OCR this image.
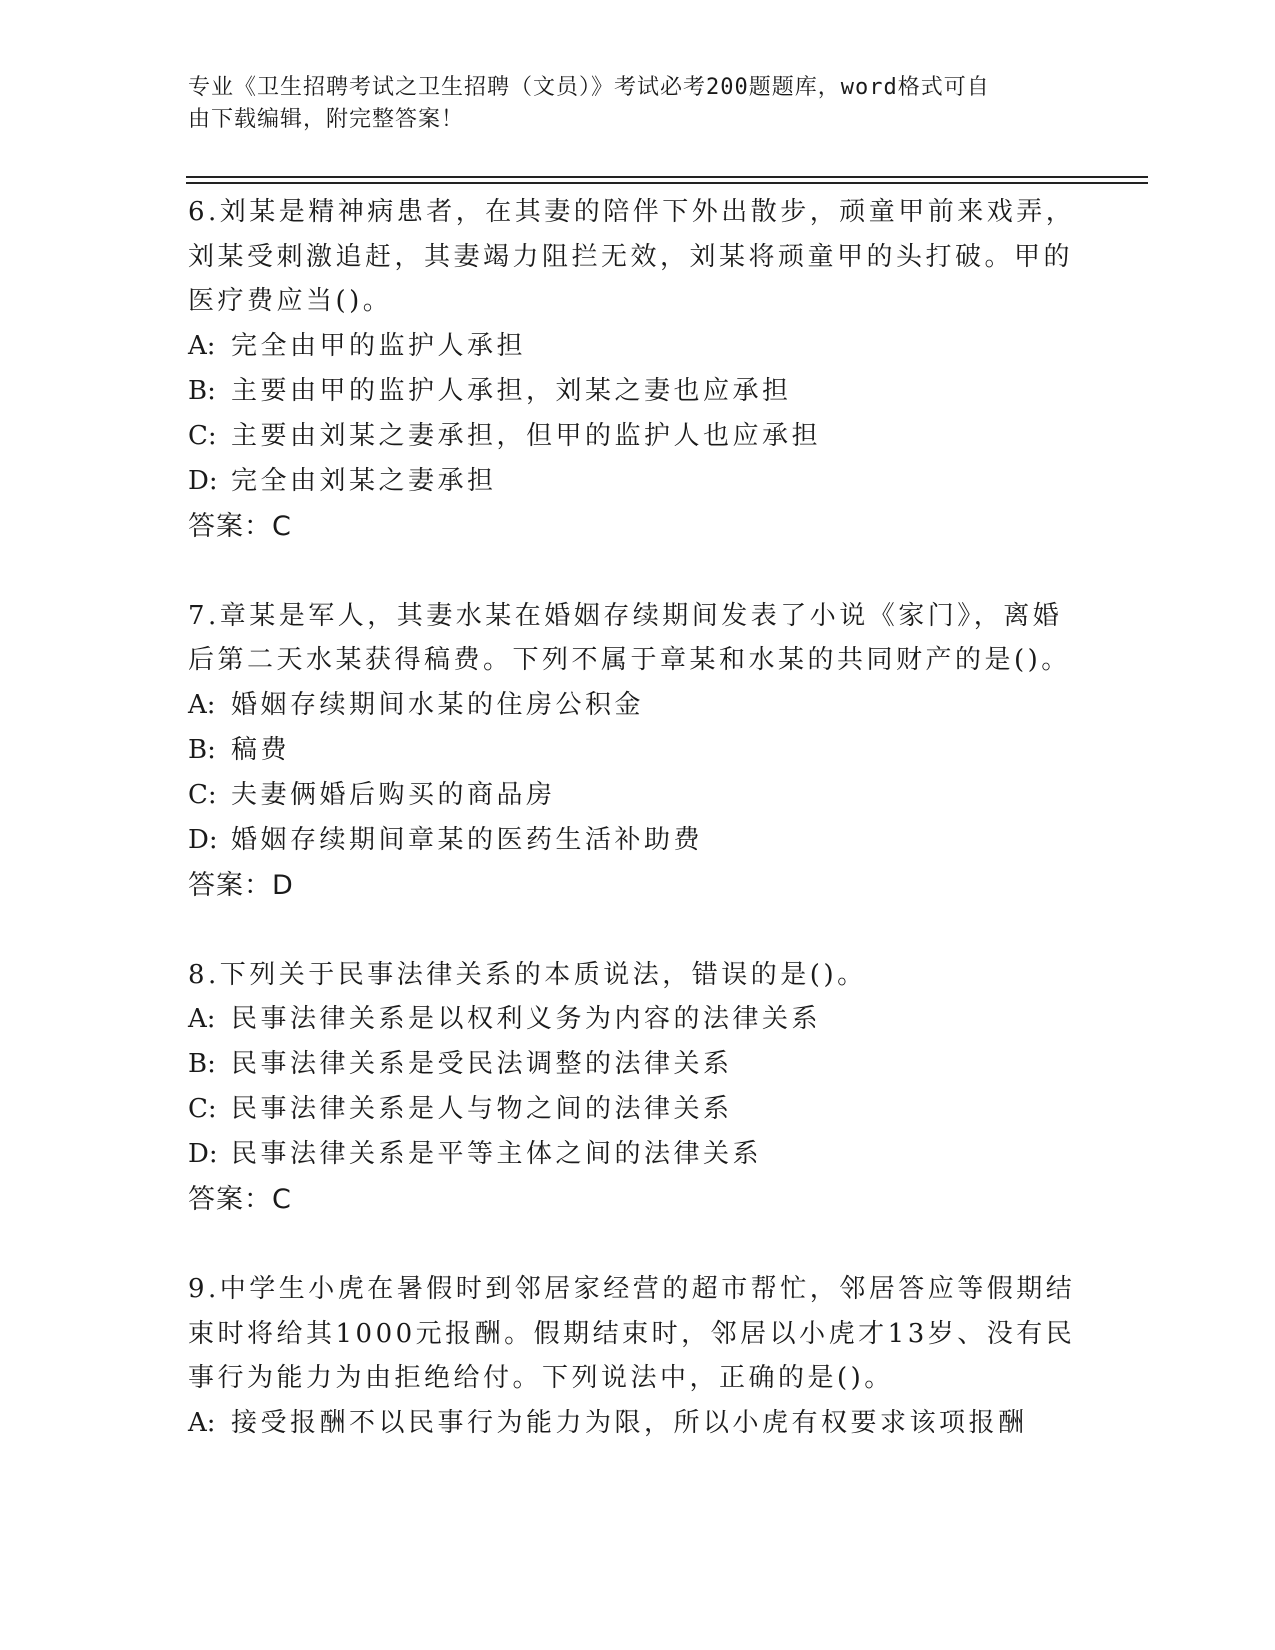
专业《卫生招聘考试之卫生招聘（文员）》考试必考200题题库，word格式可自
由下载编辑，附完整答案！
6.刘某是精神病患者，在其妻的陪伴下外出散步，顽童甲前来戏弄，刘某受刺激追赶，其妻竭力阻拦无效，刘某将顽童甲的头打破。甲的医疗费应当()。
A: 完全由甲的监护人承担
B: 主要由甲的监护人承担，刘某之妻也应承担
C: 主要由刘某之妻承担，但甲的监护人也应承担
D: 完全由刘某之妻承担
答案：C
7.章某是军人，其妻水某在婚姻存续期间发表了小说《家门》，离婚后第二天水某获得稿费。下列不属于章某和水某的共同财产的是()。
A: 婚姻存续期间水某的住房公积金
B: 稿费
C: 夫妻俩婚后购买的商品房
D: 婚姻存续期间章某的医药生活补助费
答案：D
8.下列关于民事法律关系的本质说法，错误的是()。
A: 民事法律关系是以权利义务为内容的法律关系
B: 民事法律关系是受民法调整的法律关系
C: 民事法律关系是人与物之间的法律关系
D: 民事法律关系是平等主体之间的法律关系
答案：C
9.中学生小虎在暑假时到邻居家经营的超市帮忙，邻居答应等假期结束时将给其1000元报酬。假期结束时，邻居以小虎才13岁、没有民事行为能力为由拒绝给付。下列说法中，正确的是()。
A: 接受报酬不以民事行为能力为限，所以小虎有权要求该项报酬
